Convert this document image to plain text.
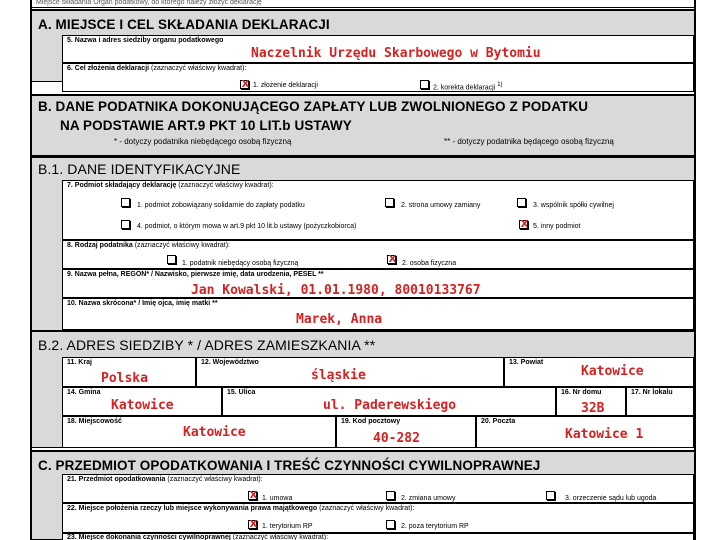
Miejsce składania Organ podatkowy, do którego należy złożyć deklarację
A. MIEJSCE I CEL SKŁADANIA DEKLARACJI
5. Nazwa i adres siedziby organu podatkowego
Naczelnik Urzędu Skarbowego w Bytomiu
6. Cel złożenia deklaracji (zaznaczyć właściwy kwadrat):
X
1. złożenie deklaracji	2. korekta deklaracji $^{1)}$
B. DANE PODATNIKA DOKONUJĄCEGO ZAPŁATY LUB ZWOLNIONEGO Z PODATKU
NA PODSTAWIE ART.9 PKT 10 LIT.b USTAWY
* - dotyczy podatnika niebędącego osobą fizyczną	** - dotyczy podatnika będącego osobą fizyczną
B.1. DANE IDENTYFIKACYJNE
7. Podmiot składający deklarację (zaznaczyć właściwy kwadrat):
1. podmiot zobowiązany solidarnie do zapłaty podatku	2. strona umowy zamiany	3. wspólnik spółki cywilnej
4. podmiot, o którym mowa w art.9 pkt 10 lit.b ustawy (pożyczkobiorca) X	5. inny podmiot
8. Rodzaj podatnika (zaznaczyć właściwy kwadrat):
1. podatnik niebędący osobą fizyczną X	2. osoba fizyczna
9. Nazwa pełna, REGON* / Nazwisko, pierwsze imię, data urodzenia, PESEL **
Jan Kowalski, 01.01.1980, 80010133767
10. Nazwa skrócona* / Imię ojca, imię matki **
Marek, Anna
B.2. ADRES SIEDZIBY * / ADRES ZAMIESZKANIA **
11. Kraj
Polska
12. Województwo
śląskie
13. Powiat
Katowice
14. Gmina
Katowice
15. Ulica
ul. Paderewskiego
16. Nr domu
32B
17. Nr lokalu
18. Miejscowość
Katowice
19. Kod pocztowy
40-282
20. Poczta
Katowice 1
C. PRZEDMIOT OPODATKOWANIA I TREŚĆ CZYNNOŚCI CYWILNOPRAWNEJ
21. Przedmiot opodatkowania (zaznaczyć właściwy kwadrat):
X
1. umowa	2. zmiana umowy	3. orzeczenie sądu lub ugoda
22. Miejsce położenia rzeczy lub miejsce wykonywania prawa majątkowego (zaznaczyć właściwy kwadrat):
X
1. terytorium RP	2. poza terytorium RP
23. Miejsce dokonania czynności cywilnoprawnej (zaznaczyć właściwy kwadrat):
